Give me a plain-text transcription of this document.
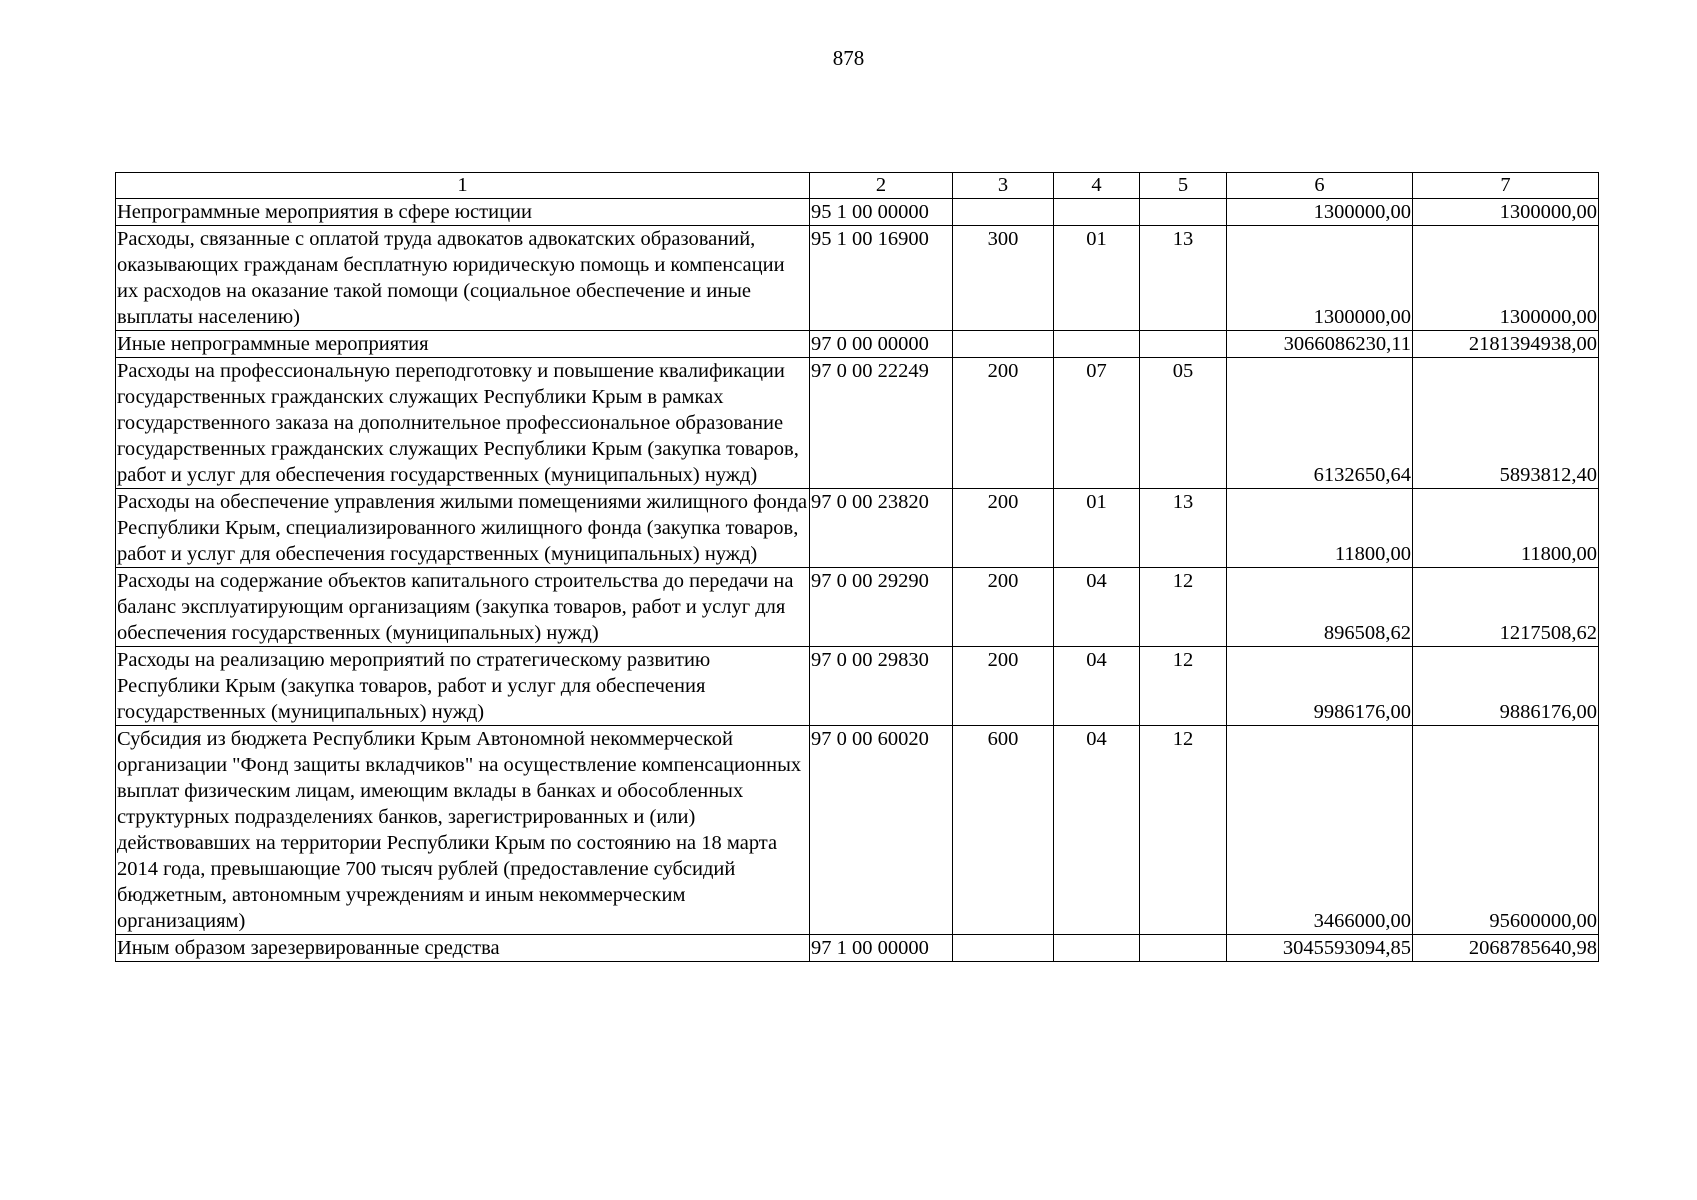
878
1	2	3	4	5	6	7
Непрограммные мероприятия в сфере юстиции	95 1 00 00000				1300000,00	1300000,00
Расходы, связанные с оплатой труда адвокатов адвокатских образований, оказывающих гражданам бесплатную юридическую помощь и компенсации их расходов на оказание такой помощи (социальное обеспечение и иные выплаты населению)	95 1 00 16900	300	01	13	1300000,00	1300000,00
Иные непрограммные мероприятия	97 0 00 00000				3066086230,11	2181394938,00
Расходы на профессиональную переподготовку и повышение квалификации государственных гражданских служащих Республики Крым в рамках государственного заказа на дополнительное профессиональное образование государственных гражданских служащих Республики Крым (закупка товаров, работ и услуг для обеспечения государственных (муниципальных) нужд)	97 0 00 22249	200	07	05	6132650,64	5893812,40
Расходы на обеспечение управления жилыми помещениями жилищного фонда Республики Крым, специализированного жилищного фонда (закупка товаров, работ и услуг для обеспечения государственных (муниципальных) нужд)	97 0 00 23820	200	01	13	11800,00	11800,00
Расходы на содержание объектов капитального строительства до передачи на баланс эксплуатирующим организациям (закупка товаров, работ и услуг для обеспечения государственных (муниципальных) нужд)	97 0 00 29290	200	04	12	896508,62	1217508,62
Расходы на реализацию мероприятий по стратегическому развитию Республики Крым (закупка товаров, работ и услуг для обеспечения государственных (муниципальных) нужд)	97 0 00 29830	200	04	12	9986176,00	9886176,00
Субсидия из бюджета Республики Крым Автономной некоммерческой организации "Фонд защиты вкладчиков" на осуществление компенсационных выплат физическим лицам, имеющим вклады в банках и обособленных структурных подразделениях банков, зарегистрированных и (или) действовавших на территории Республики Крым по состоянию на 18 марта 2014 года, превышающие 700 тысяч рублей (предоставление субсидий бюджетным, автономным учреждениям и иным некоммерческим организациям)	97 0 00 60020	600	04	12	3466000,00	95600000,00
Иным образом зарезервированные средства	97 1 00 00000				3045593094,85	2068785640,98
